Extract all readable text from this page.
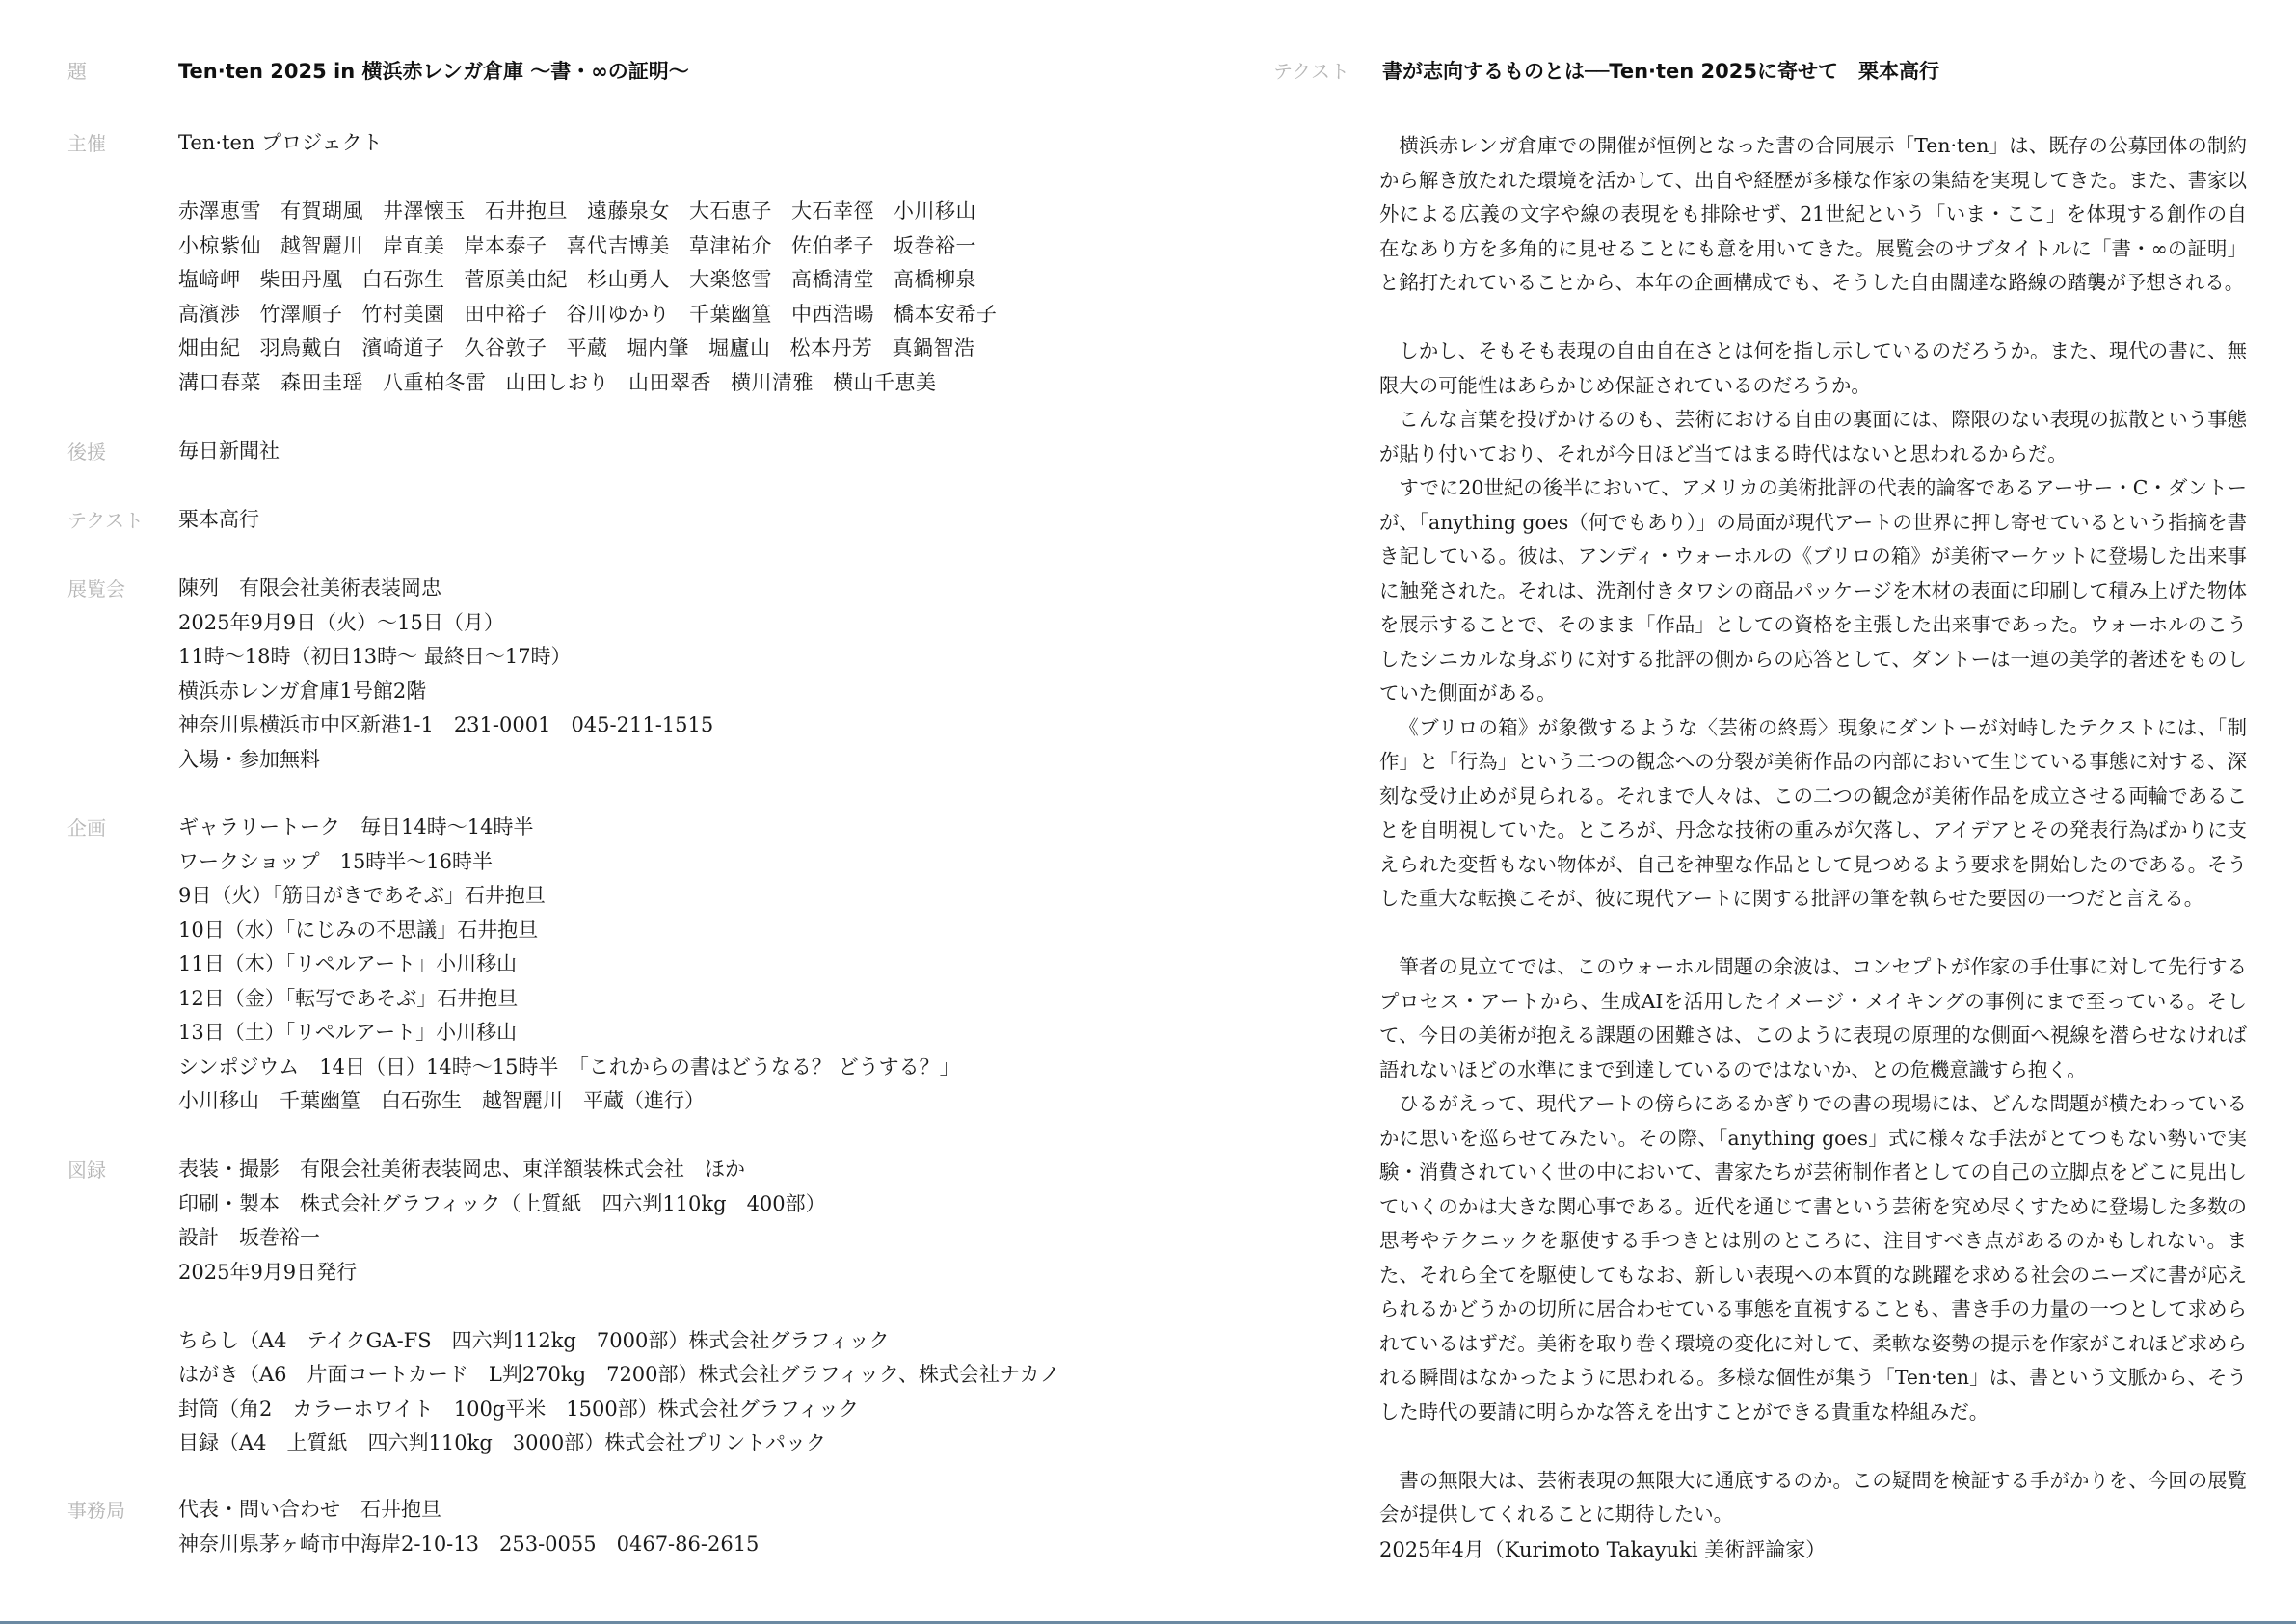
題	Ten·ten 2025 in 横浜赤レンガ倉庫 〜書・∞の証明〜
主催	Ten·ten プロジェクト
赤澤恵雪 有賀瑚風 井澤懐玉 石井抱旦 遠藤泉女 大石恵子 大石幸徑 小川移山
小椋紫仙 越智麗川 岸直美 岸本泰子 喜代吉博美 草津祐介 佐伯孝子 坂巻裕一
塩﨑岬 柴田丹凰 白石弥生 菅原美由紀 杉山勇人 大楽悠雪 高橋清堂 高橋柳泉
高濱渉 竹澤順子 竹村美園 田中裕子 谷川ゆかり 千葉幽篁 中西浩暘 橋本安希子
畑由紀 羽鳥戴白 濱崎道子 久谷敦子 平蔵 堀内肇 堀廬山 松本丹芳 真鍋智浩
溝口春菜 森田圭瑶 八重柏冬雷 山田しおり 山田翠香 横川清雅 横山千恵美
後援	毎日新聞社
テクスト	栗本高行
展覧会	陳列　有限会社美術表装岡忠
2025年9月9日（火）〜15日（月）
11時〜18時（初日13時〜 最終日〜17時）
横浜赤レンガ倉庫1号館2階
神奈川県横浜市中区新港1-1　231-0001　045-211-1515
入場・参加無料
企画	ギャラリートーク　毎日14時〜14時半
ワークショップ　15時半〜16時半
9日（火）「筋目がきであそぶ」石井抱旦
10日（水）「にじみの不思議」石井抱旦
11日（木）「リペルアート」小川移山
12日（金）「転写であそぶ」石井抱旦
13日（土）「リペルアート」小川移山
シンポジウム　14日（日）14時〜15時半　「これからの書はどうなる？ どうする？」
小川移山　千葉幽篁　白石弥生　越智麗川　平蔵（進行）
図録	表装・撮影　有限会社美術表装岡忠、東洋額装株式会社　ほか
印刷・製本　株式会社グラフィック（上質紙　四六判110kg　400部）
設計　坂巻裕一
2025年9月9日発行
ちらし（A4　テイクGA-FS　四六判112kg　7000部）株式会社グラフィック
はがき（A6　片面コートカード　L判270kg　7200部）株式会社グラフィック、株式会社ナカノ
封筒（角2　カラーホワイト　100g平米　1500部）株式会社グラフィック
目録（A4　上質紙　四六判110kg　3000部）株式会社プリントパック
事務局	代表・問い合わせ　石井抱旦
神奈川県茅ヶ崎市中海岸2-10-13　253-0055　0467-86-2615
テクスト	書が志向するものとは──Ten·ten 2025に寄せて　栗本高行

横浜赤レンガ倉庫での開催が恒例となった書の合同展示「Ten·ten」は、既存の公募団体の制約から解き放たれた環境を活かして、出自や経歴が多様な作家の集結を実現してきた。また、書家以外による広義の文字や線の表現をも排除せず、21世紀という「いま・ここ」を体現する創作の自在なあり方を多角的に見せることにも意を用いてきた。展覧会のサブタイトルに「書・∞の証明」と銘打たれていることから、本年の企画構成でも、そうした自由闊達な路線の踏襲が予想される。

しかし、そもそも表現の自由自在さとは何を指し示しているのだろうか。また、現代の書に、無限大の可能性はあらかじめ保証されているのだろうか。

こんな言葉を投げかけるのも、芸術における自由の裏面には、際限のない表現の拡散という事態が貼り付いており、それが今日ほど当てはまる時代はないと思われるからだ。

すでに20世紀の後半において、アメリカの美術批評の代表的論客であるアーサー・C・ダントーが、「anything goes（何でもあり）」の局面が現代アートの世界に押し寄せているという指摘を書き記している。彼は、アンディ・ウォーホルの《ブリロの箱》が美術マーケットに登場した出来事に触発された。それは、洗剤付きタワシの商品パッケージを木材の表面に印刷して積み上げた物体を展示することで、そのまま「作品」としての資格を主張した出来事であった。ウォーホルのこうしたシニカルな身ぶりに対する批評の側からの応答として、ダントーは一連の美学的著述をものしていた側面がある。

《ブリロの箱》が象徴するような〈芸術の終焉〉現象にダントーが対峙したテクストには、「制作」と「行為」という二つの観念への分裂が美術作品の内部において生じている事態に対する、深刻な受け止めが見られる。それまで人々は、この二つの観念が美術作品を成立させる両輪であることを自明視していた。ところが、丹念な技術の重みが欠落し、アイデアとその発表行為ばかりに支えられた変哲もない物体が、自己を神聖な作品として見つめるよう要求を開始したのである。そうした重大な転換こそが、彼に現代アートに関する批評の筆を執らせた要因の一つだと言える。

筆者の見立てでは、このウォーホル問題の余波は、コンセプトが作家の手仕事に対して先行するプロセス・アートから、生成AIを活用したイメージ・メイキングの事例にまで至っている。そして、今日の美術が抱える課題の困難さは、このように表現の原理的な側面へ視線を潜らせなければ語れないほどの水準にまで到達しているのではないか、との危機意識すら抱く。

ひるがえって、現代アートの傍らにあるかぎりでの書の現場には、どんな問題が横たわっているかに思いを巡らせてみたい。その際、「anything goes」式に様々な手法がとてつもない勢いで実験・消費されていく世の中において、書家たちが芸術制作者としての自己の立脚点をどこに見出していくのかは大きな関心事である。近代を通じて書という芸術を究め尽くすために登場した多数の思考やテクニックを駆使する手つきとは別のところに、注目すべき点があるのかもしれない。また、それら全てを駆使してもなお、新しい表現への本質的な跳躍を求める社会のニーズに書が応えられるかどうかの切所に居合わせている事態を直視することも、書き手の力量の一つとして求められているはずだ。美術を取り巻く環境の変化に対して、柔軟な姿勢の提示を作家がこれほど求められる瞬間はなかったように思われる。多様な個性が集う「Ten·ten」は、書という文脈から、そうした時代の要請に明らかな答えを出すことができる貴重な枠組みだ。

書の無限大は、芸術表現の無限大に通底するのか。この疑問を検証する手がかりを、今回の展覧会が提供してくれることに期待したい。

2025年4月（Kurimoto Takayuki 美術評論家）
